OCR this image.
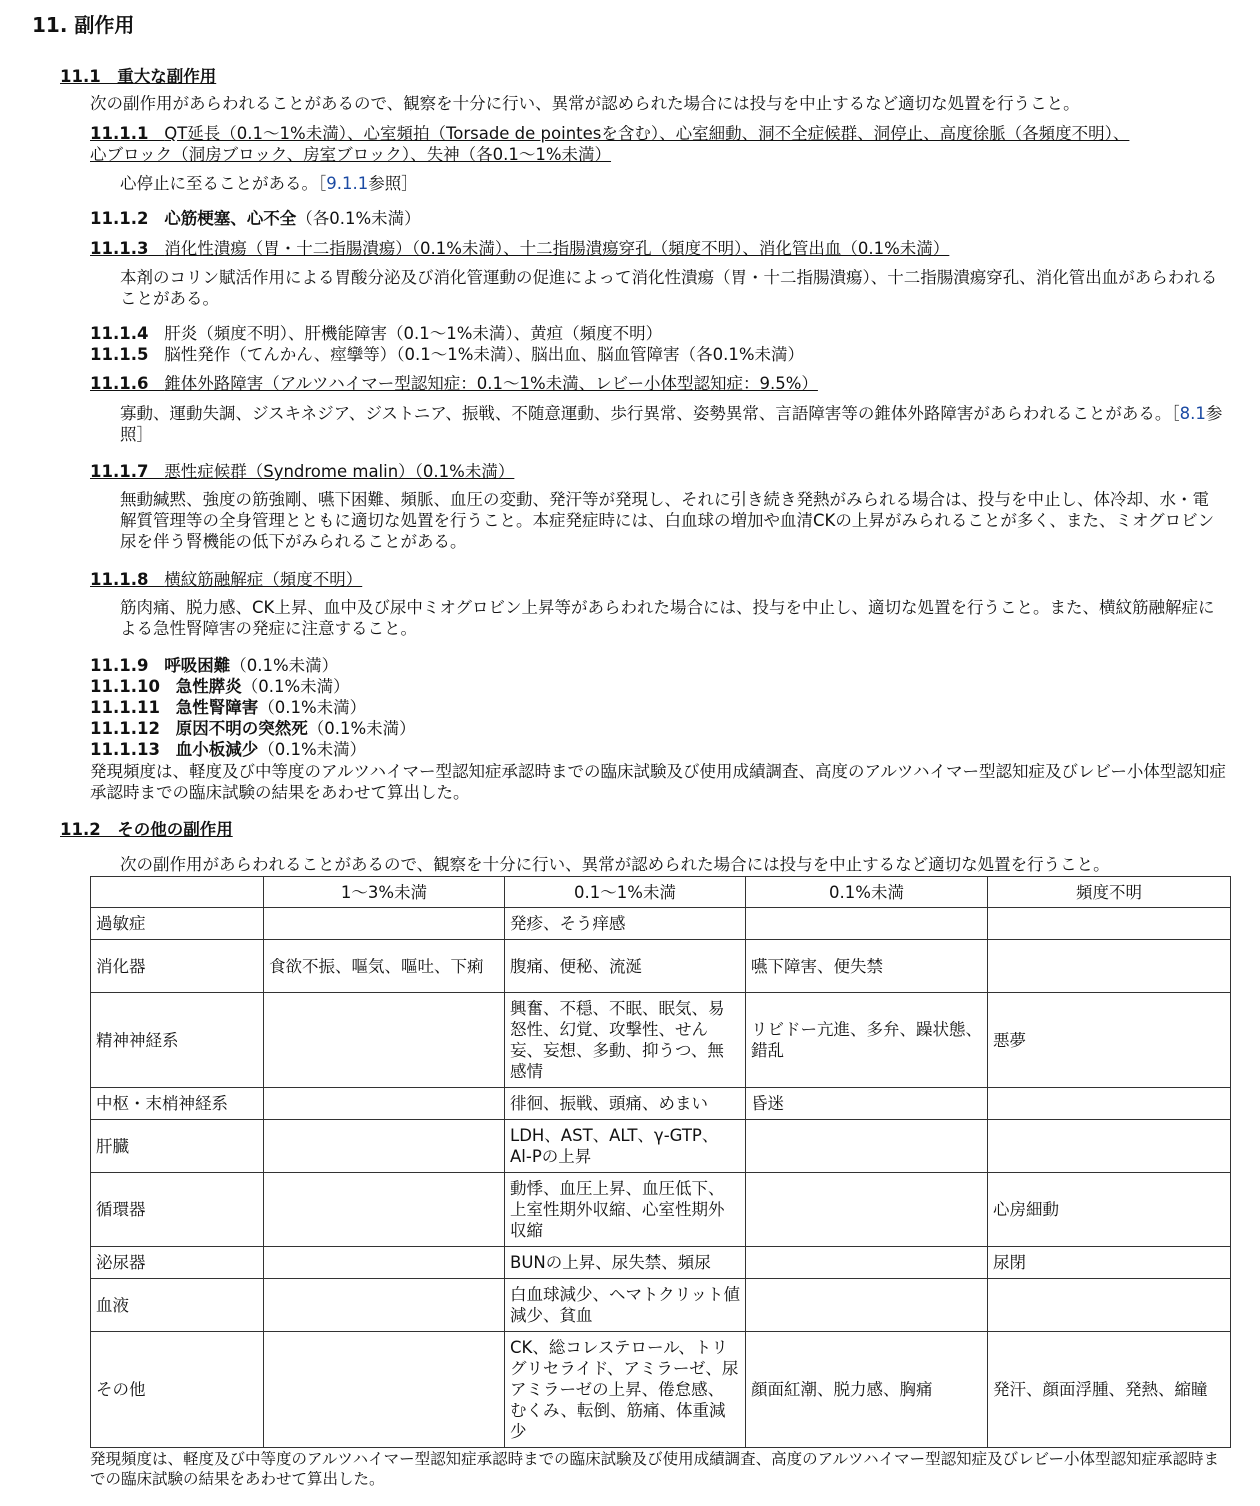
11. 副作用
11.1　重大な副作用
次の副作用があらわれることがあるので、観察を十分に行い、異常が認められた場合には投与を中止するなど適切な処置を行うこと。
11.1.1 QT延長（0.1〜1%未満）、心室頻拍（Torsade de pointesを含む）、心室細動、洞不全症候群、洞停止、高度徐脈（各頻度不明）、
心ブロック（洞房ブロック、房室ブロック）、失神（各0.1〜1%未満）
心停止に至ることがある。［9.1.1参照］
11.1.2 心筋梗塞、心不全（各0.1%未満）
11.1.3 消化性潰瘍（胃・十二指腸潰瘍）（0.1%未満）、十二指腸潰瘍穿孔（頻度不明）、消化管出血（0.1%未満）
本剤のコリン賦活作用による胃酸分泌及び消化管運動の促進によって消化性潰瘍（胃・十二指腸潰瘍）、十二指腸潰瘍穿孔、消化管出血があらわれることがある。
11.1.4 肝炎（頻度不明）、肝機能障害（0.1〜1%未満）、黄疸（頻度不明）
11.1.5 脳性発作（てんかん、痙攣等）（0.1〜1%未満）、脳出血、脳血管障害（各0.1%未満）
11.1.6 錐体外路障害（アルツハイマー型認知症：0.1〜1%未満、レビー小体型認知症：9.5%）
寡動、運動失調、ジスキネジア、ジストニア、振戦、不随意運動、歩行異常、姿勢異常、言語障害等の錐体外路障害があらわれることがある。［8.1参照］
11.1.7 悪性症候群（Syndrome malin）（0.1%未満）
無動緘黙、強度の筋強剛、嚥下困難、頻脈、血圧の変動、発汗等が発現し、それに引き続き発熱がみられる場合は、投与を中止し、体冷却、水・電解質管理等の全身管理とともに適切な処置を行うこと。本症発症時には、白血球の増加や血清CKの上昇がみられることが多く、また、ミオグロビン尿を伴う腎機能の低下がみられることがある。
11.1.8 横紋筋融解症（頻度不明）
筋肉痛、脱力感、CK上昇、血中及び尿中ミオグロビン上昇等があらわれた場合には、投与を中止し、適切な処置を行うこと。また、横紋筋融解症による急性腎障害の発症に注意すること。
11.1.9 呼吸困難（0.1%未満）
11.1.10 急性膵炎（0.1%未満）
11.1.11 急性腎障害（0.1%未満）
11.1.12 原因不明の突然死（0.1%未満）
11.1.13 血小板減少（0.1%未満）
発現頻度は、軽度及び中等度のアルツハイマー型認知症承認時までの臨床試験及び使用成績調査、高度のアルツハイマー型認知症及びレビー小体型認知症承認時までの臨床試験の結果をあわせて算出した。
11.2　その他の副作用
次の副作用があらわれることがあるので、観察を十分に行い、異常が認められた場合には投与を中止するなど適切な処置を行うこと。
	1〜3%未満	0.1〜1%未満	0.1%未満	頻度不明
過敏症		発疹、そう痒感		
消化器	食欲不振、嘔気、嘔吐、下痢	腹痛、便秘、流涎	嚥下障害、便失禁	
精神神経系		興奮、不穏、不眠、眠気、易怒性、幻覚、攻撃性、せん妄、妄想、多動、抑うつ、無感情	リビドー亢進、多弁、躁状態、錯乱	悪夢
中枢・末梢神経系		徘徊、振戦、頭痛、めまい	昏迷	
肝臓		LDH、AST、ALT、γ-GTP、Al-Pの上昇		
循環器		動悸、血圧上昇、血圧低下、上室性期外収縮、心室性期外収縮		心房細動
泌尿器		BUNの上昇、尿失禁、頻尿		尿閉
血液		白血球減少、ヘマトクリット値減少、貧血		
その他		CK、総コレステロール、トリグリセライド、アミラーゼ、尿アミラーゼの上昇、倦怠感、むくみ、転倒、筋痛、体重減少	顔面紅潮、脱力感、胸痛	発汗、顔面浮腫、発熱、縮瞳
発現頻度は、軽度及び中等度のアルツハイマー型認知症承認時までの臨床試験及び使用成績調査、高度のアルツハイマー型認知症及びレビー小体型認知症承認時までの臨床試験の結果をあわせて算出した。
